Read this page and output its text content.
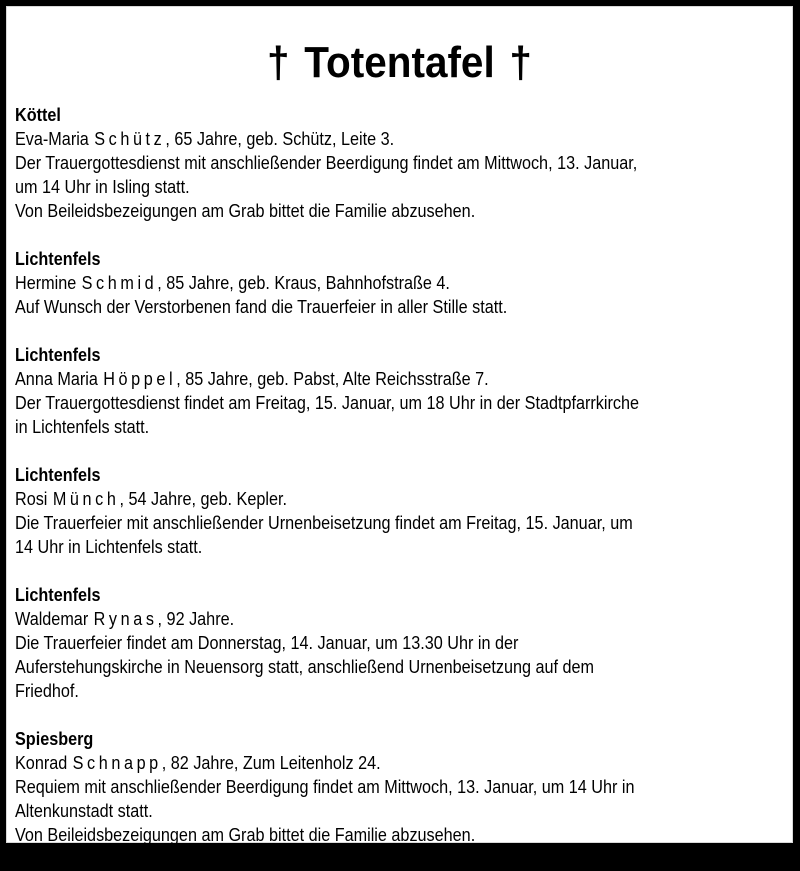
† Totentafel †
Köttel
Eva-Maria Schütz, 65 Jahre, geb. Schütz, Leite 3.
Der Trauergottesdienst mit anschließender Beerdigung findet am Mittwoch, 13. Januar,
um 14 Uhr in Isling statt.
Von Beileidsbezeigungen am Grab bittet die Familie abzusehen.
Lichtenfels
Hermine Schmid, 85 Jahre, geb. Kraus, Bahnhofstraße 4.
Auf Wunsch der Verstorbenen fand die Trauerfeier in aller Stille statt.
Lichtenfels
Anna Maria Höppel, 85 Jahre, geb. Pabst, Alte Reichsstraße 7.
Der Trauergottesdienst findet am Freitag, 15. Januar, um 18 Uhr in der Stadtpfarrkirche
in Lichtenfels statt.
Lichtenfels
Rosi Münch, 54 Jahre, geb. Kepler.
Die Trauerfeier mit anschließender Urnenbeisetzung findet am Freitag, 15. Januar, um
14 Uhr in Lichtenfels statt.
Lichtenfels
Waldemar Rynas, 92 Jahre.
Die Trauerfeier findet am Donnerstag, 14. Januar, um 13.30 Uhr in der
Auferstehungskirche in Neuensorg statt, anschließend Urnenbeisetzung auf dem
Friedhof.
Spiesberg
Konrad Schnapp, 82 Jahre, Zum Leitenholz 24.
Requiem mit anschließender Beerdigung findet am Mittwoch, 13. Januar, um 14 Uhr in
Altenkunstadt statt.
Von Beileidsbezeigungen am Grab bittet die Familie abzusehen.
